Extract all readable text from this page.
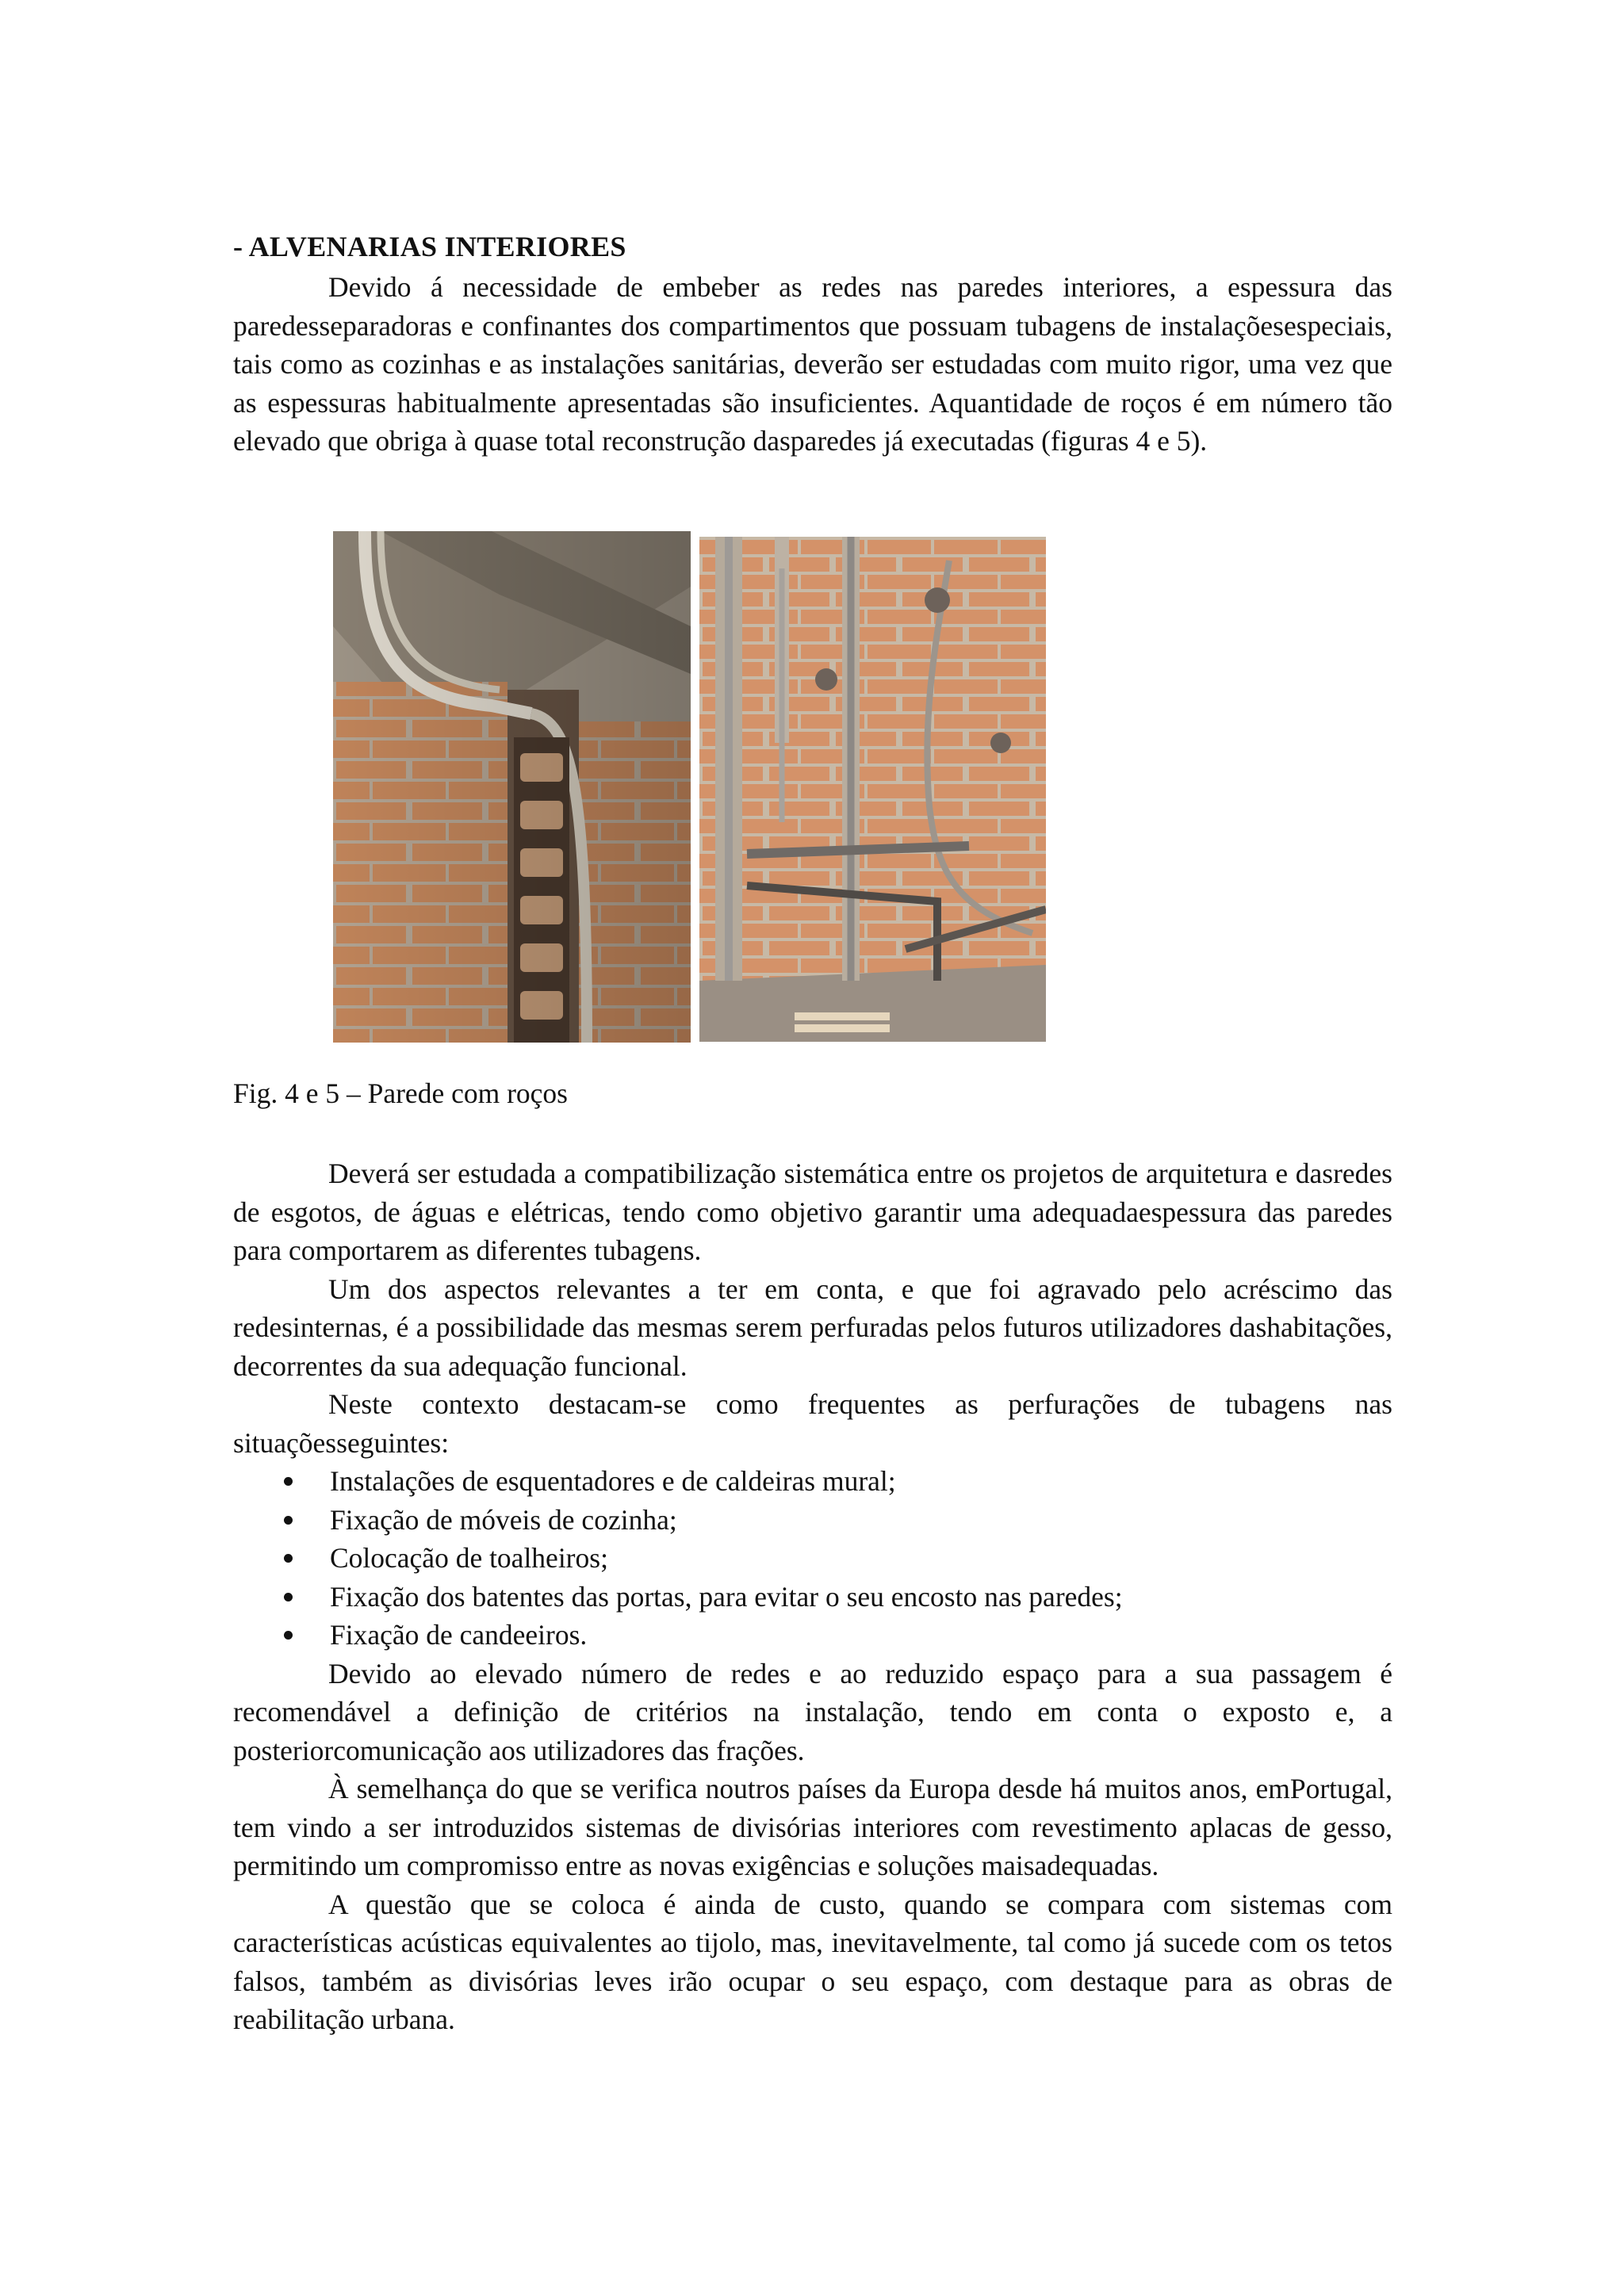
- ALVENARIAS INTERIORES

Devido á necessidade de embeber as redes nas paredes interiores, a espessura das paredesseparadoras e confinantes dos compartimentos que possuam tubagens de instalaçõesespeciais, tais como as cozinhas e as instalações sanitárias, deverão ser estudadas com muito rigor, uma vez que as espessuras habitualmente apresentadas são insuficientes. Aquantidade de roços é em número tão elevado que obriga à quase total reconstrução dasparedes já executadas (figuras 4 e 5).

Fig. 4 e 5 – Parede com roços

Deverá ser estudada a compatibilização sistemática entre os projetos de arquitetura e dasredes de esgotos, de águas e elétricas, tendo como objetivo garantir uma adequadaespessura das paredes para comportarem as diferentes tubagens.

Um dos aspectos relevantes a ter em conta, e que foi agravado pelo acréscimo das redesinternas, é a possibilidade das mesmas serem perfuradas pelos futuros utilizadores dashabitações, decorrentes da sua adequação funcional.

Neste contexto destacam-se como frequentes as perfurações de tubagens nas situaçõesseguintes:

Instalações de esquentadores e de caldeiras mural;
Fixação de móveis de cozinha;
Colocação de toalheiros;
Fixação dos batentes das portas, para evitar o seu encosto nas paredes;
Fixação de candeeiros.

Devido ao elevado número de redes e ao reduzido espaço para a sua passagem é recomendável a definição de critérios na instalação, tendo em conta o exposto e, a posteriorcomunicação aos utilizadores das frações.

À semelhança do que se verifica noutros países da Europa desde há muitos anos, emPortugal, tem vindo a ser introduzidos sistemas de divisórias interiores com revestimento aplacas de gesso, permitindo um compromisso entre as novas exigências e soluções maisadequadas.

A questão que se coloca é ainda de custo, quando se compara com sistemas com características acústicas equivalentes ao tijolo, mas, inevitavelmente, tal como já sucede com os tetos falsos, também as divisórias leves irão ocupar o seu espaço, com destaque para as obras de reabilitação urbana.
